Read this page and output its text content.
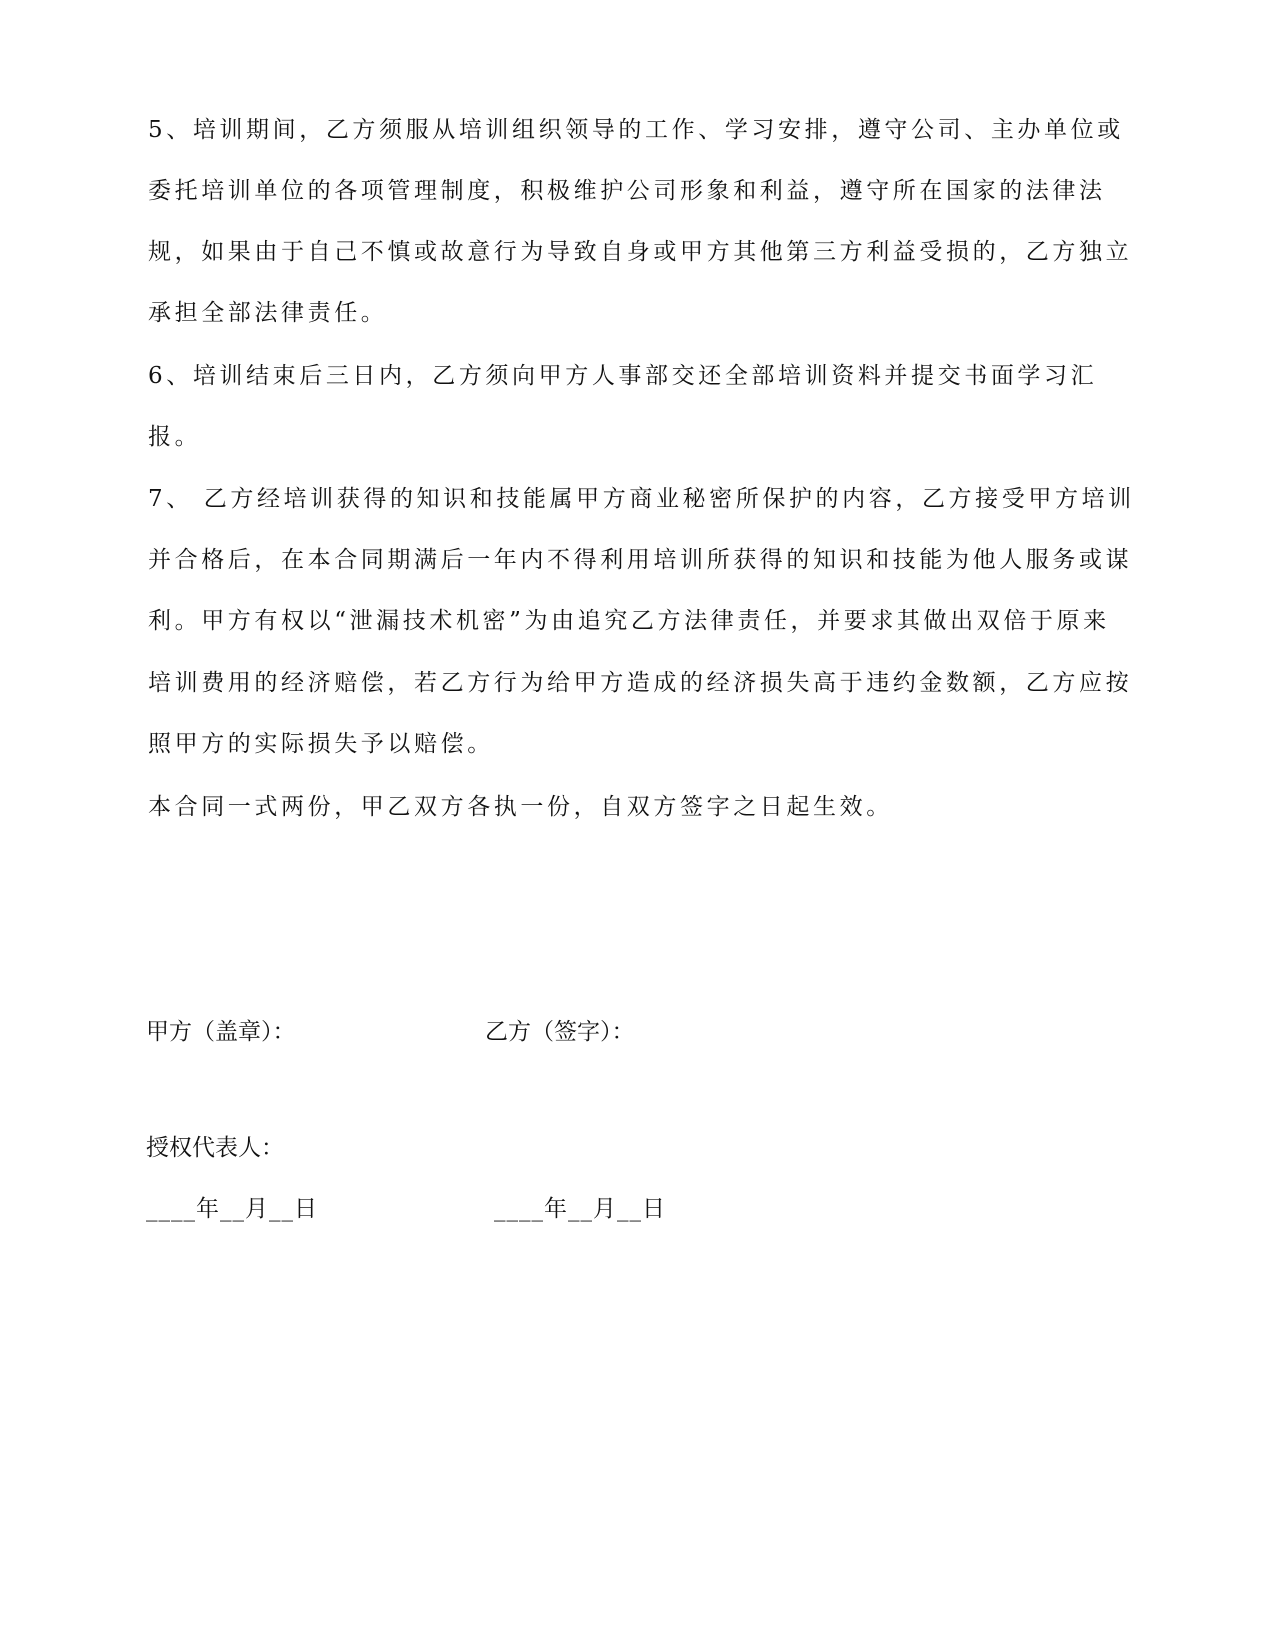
5、培训期间，乙方须服从培训组织领导的工作、学习安排，遵守公司、主办单位或
委托培训单位的各项管理制度，积极维护公司形象和利益，遵守所在国家的法律法
规，如果由于自己不慎或故意行为导致自身或甲方其他第三方利益受损的，乙方独立
承担全部法律责任。
6、培训结束后三日内，乙方须向甲方人事部交还全部培训资料并提交书面学习汇
报。
7、 乙方经培训获得的知识和技能属甲方商业秘密所保护的内容，乙方接受甲方培训
并合格后，在本合同期满后一年内不得利用培训所获得的知识和技能为他人服务或谋
利。甲方有权以“泄漏技术机密”为由追究乙方法律责任，并要求其做出双倍于原来
培训费用的经济赔偿，若乙方行为给甲方造成的经济损失高于违约金数额，乙方应按
照甲方的实际损失予以赔偿。
本合同一式两份，甲乙双方各执一份，自双方签字之日起生效。
甲方（盖章）：	乙方（签字）：
授权代表人：
____年__月__日	____年__月__日
